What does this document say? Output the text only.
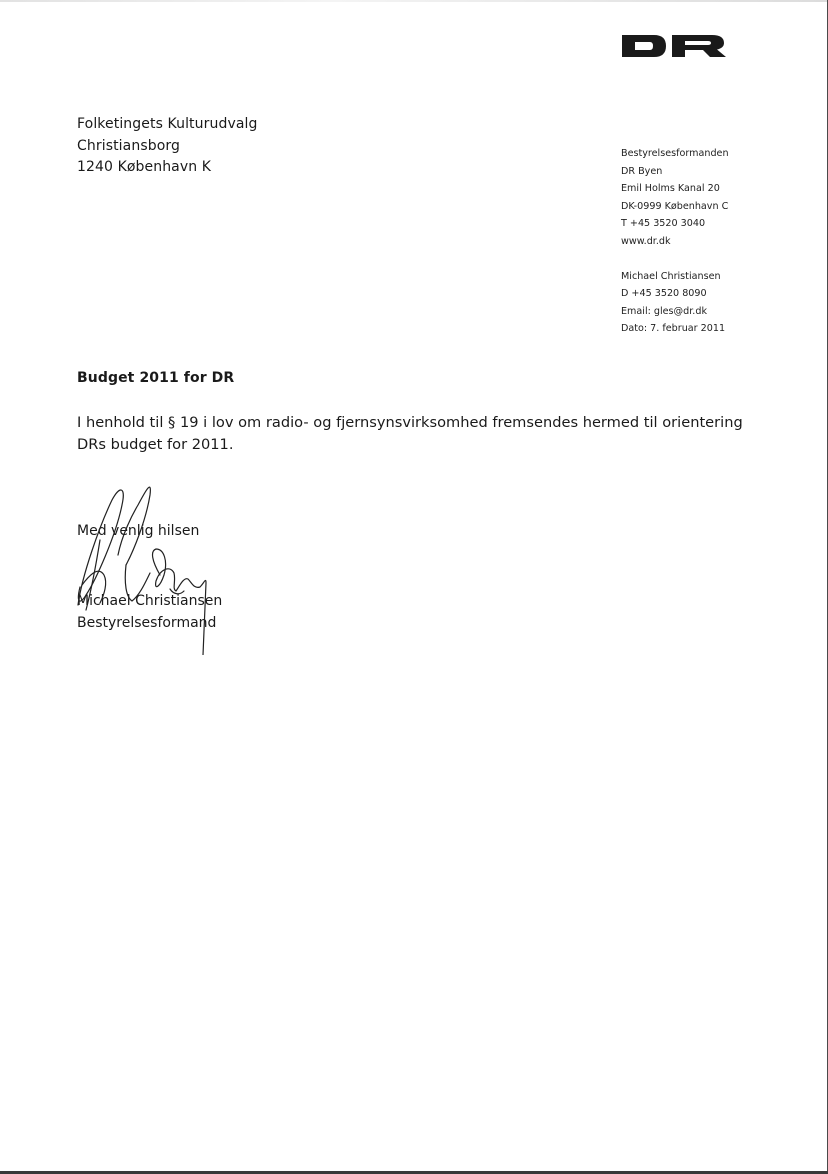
Folketingets Kulturudvalg
Christiansborg
1240 København K
Bestyrelsesformanden
DR Byen
Emil Holms Kanal 20
DK-0999 København C
T +45 3520 3040
www.dr.dk
Michael Christiansen
D +45 3520 8090
Email: gles@dr.dk
Dato: 7. februar 2011
Budget 2011 for DR
I henhold til § 19 i lov om radio- og fjernsynsvirksomhed fremsendes hermed til orientering DRs budget for 2011.
Med venlig hilsen
Michael Christiansen
Bestyrelsesformand
